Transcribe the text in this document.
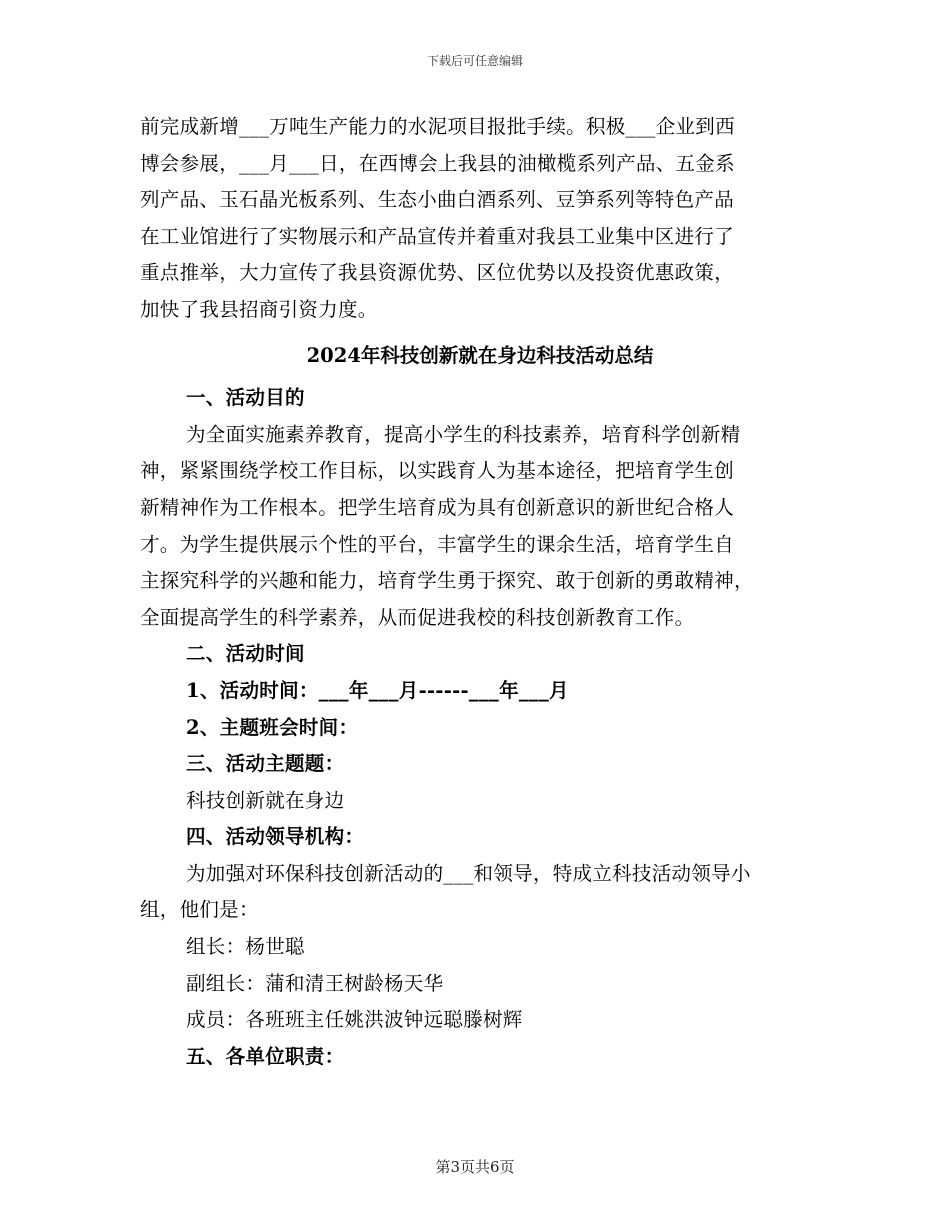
下载后可任意编辑
前完成新增___万吨生产能力的水泥项目报批手续。积极___企业到西
博会参展，___月___日，在西博会上我县的油橄榄系列产品、五金系
列产品、玉石晶光板系列、生态小曲白酒系列、豆笋系列等特色产品
在工业馆进行了实物展示和产品宣传并着重对我县工业集中区进行了
重点推举，大力宣传了我县资源优势、区位优势以及投资优惠政策，
加快了我县招商引资力度。
2024年科技创新就在身边科技活动总结
一、活动目的
为全面实施素养教育，提高小学生的科技素养，培育科学创新精
神，紧紧围绕学校工作目标，以实践育人为基本途径，把培育学生创
新精神作为工作根本。把学生培育成为具有创新意识的新世纪合格人
才。为学生提供展示个性的平台，丰富学生的课余生活，培育学生自
主探究科学的兴趣和能力，培育学生勇于探究、敢于创新的勇敢精神，
全面提高学生的科学素养，从而促进我校的科技创新教育工作。
二、活动时间
1、活动时间：___年___月------___年___月
2、主题班会时间：
三、活动主题题：
科技创新就在身边
四、活动领导机构：
为加强对环保科技创新活动的___和领导，特成立科技活动领导小
组，他们是：
组长：杨世聪
副组长：蒲和清王树龄杨天华
成员：各班班主任姚洪波钟远聪滕树辉
五、各单位职责：
第3页共6页
